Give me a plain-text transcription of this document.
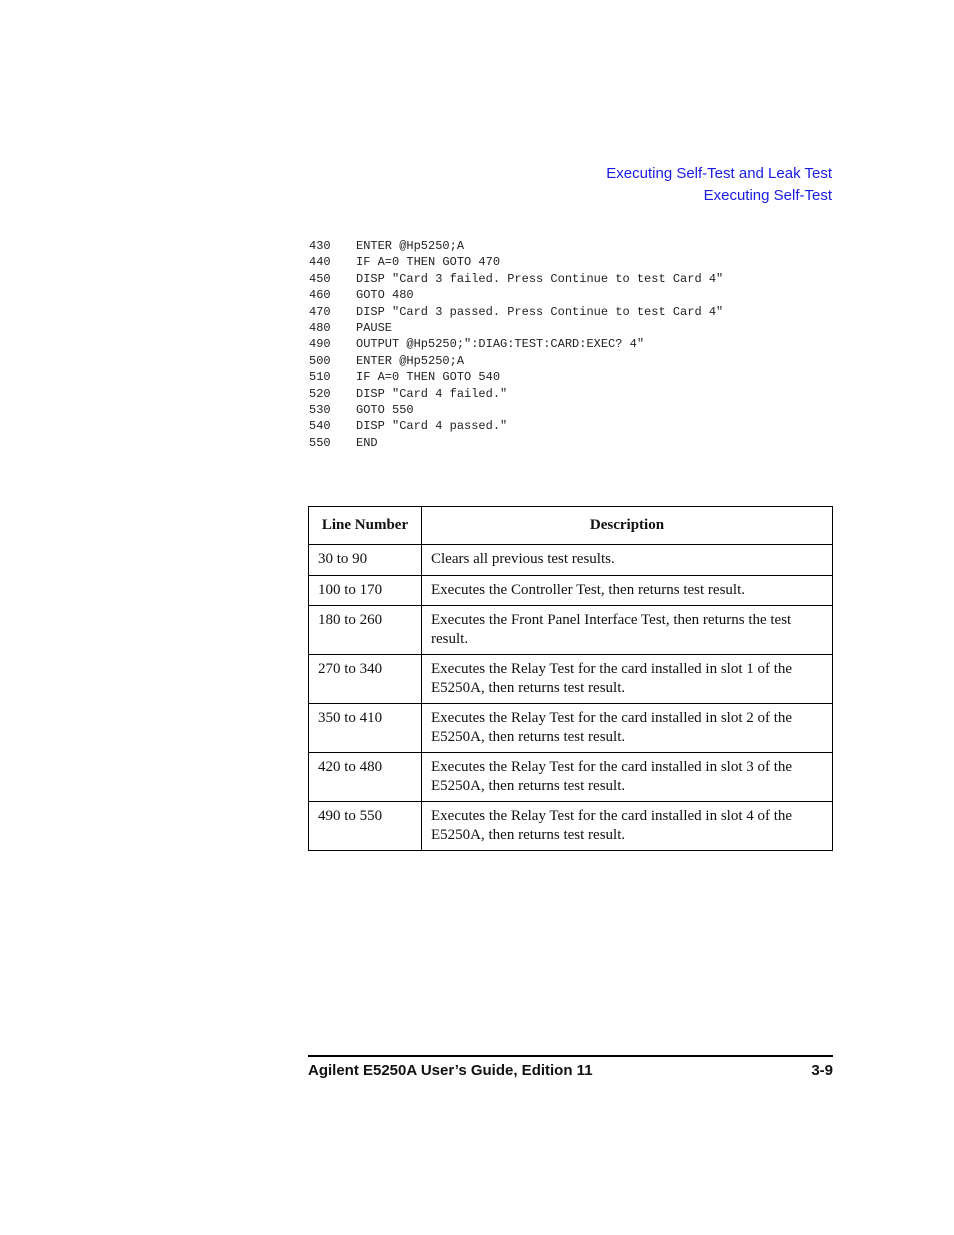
Executing Self-Test and Leak Test
Executing Self-Test
430 ENTER @Hp5250;A
440 IF A=0 THEN GOTO 470
450 DISP "Card 3 failed. Press Continue to test Card 4"
460 GOTO 480
470 DISP "Card 3 passed. Press Continue to test Card 4"
480 PAUSE
490 OUTPUT @Hp5250;":DIAG:TEST:CARD:EXEC? 4"
500 ENTER @Hp5250;A
510 IF A=0 THEN GOTO 540
520 DISP "Card 4 failed."
530 GOTO 550
540 DISP "Card 4 passed."
550 END
Line Number	Description
30 to 90	Clears all previous test results.
100 to 170	Executes the Controller Test, then returns test result.
180 to 260	Executes the Front Panel Interface Test, then returns the test result.
270 to 340	Executes the Relay Test for the card installed in slot 1 of the E5250A, then returns test result.
350 to 410	Executes the Relay Test for the card installed in slot 2 of the E5250A, then returns test result.
420 to 480	Executes the Relay Test for the card installed in slot 3 of the E5250A, then returns test result.
490 to 550	Executes the Relay Test for the card installed in slot 4 of the E5250A, then returns test result.
Agilent E5250A User’s Guide, Edition 11	3-9
